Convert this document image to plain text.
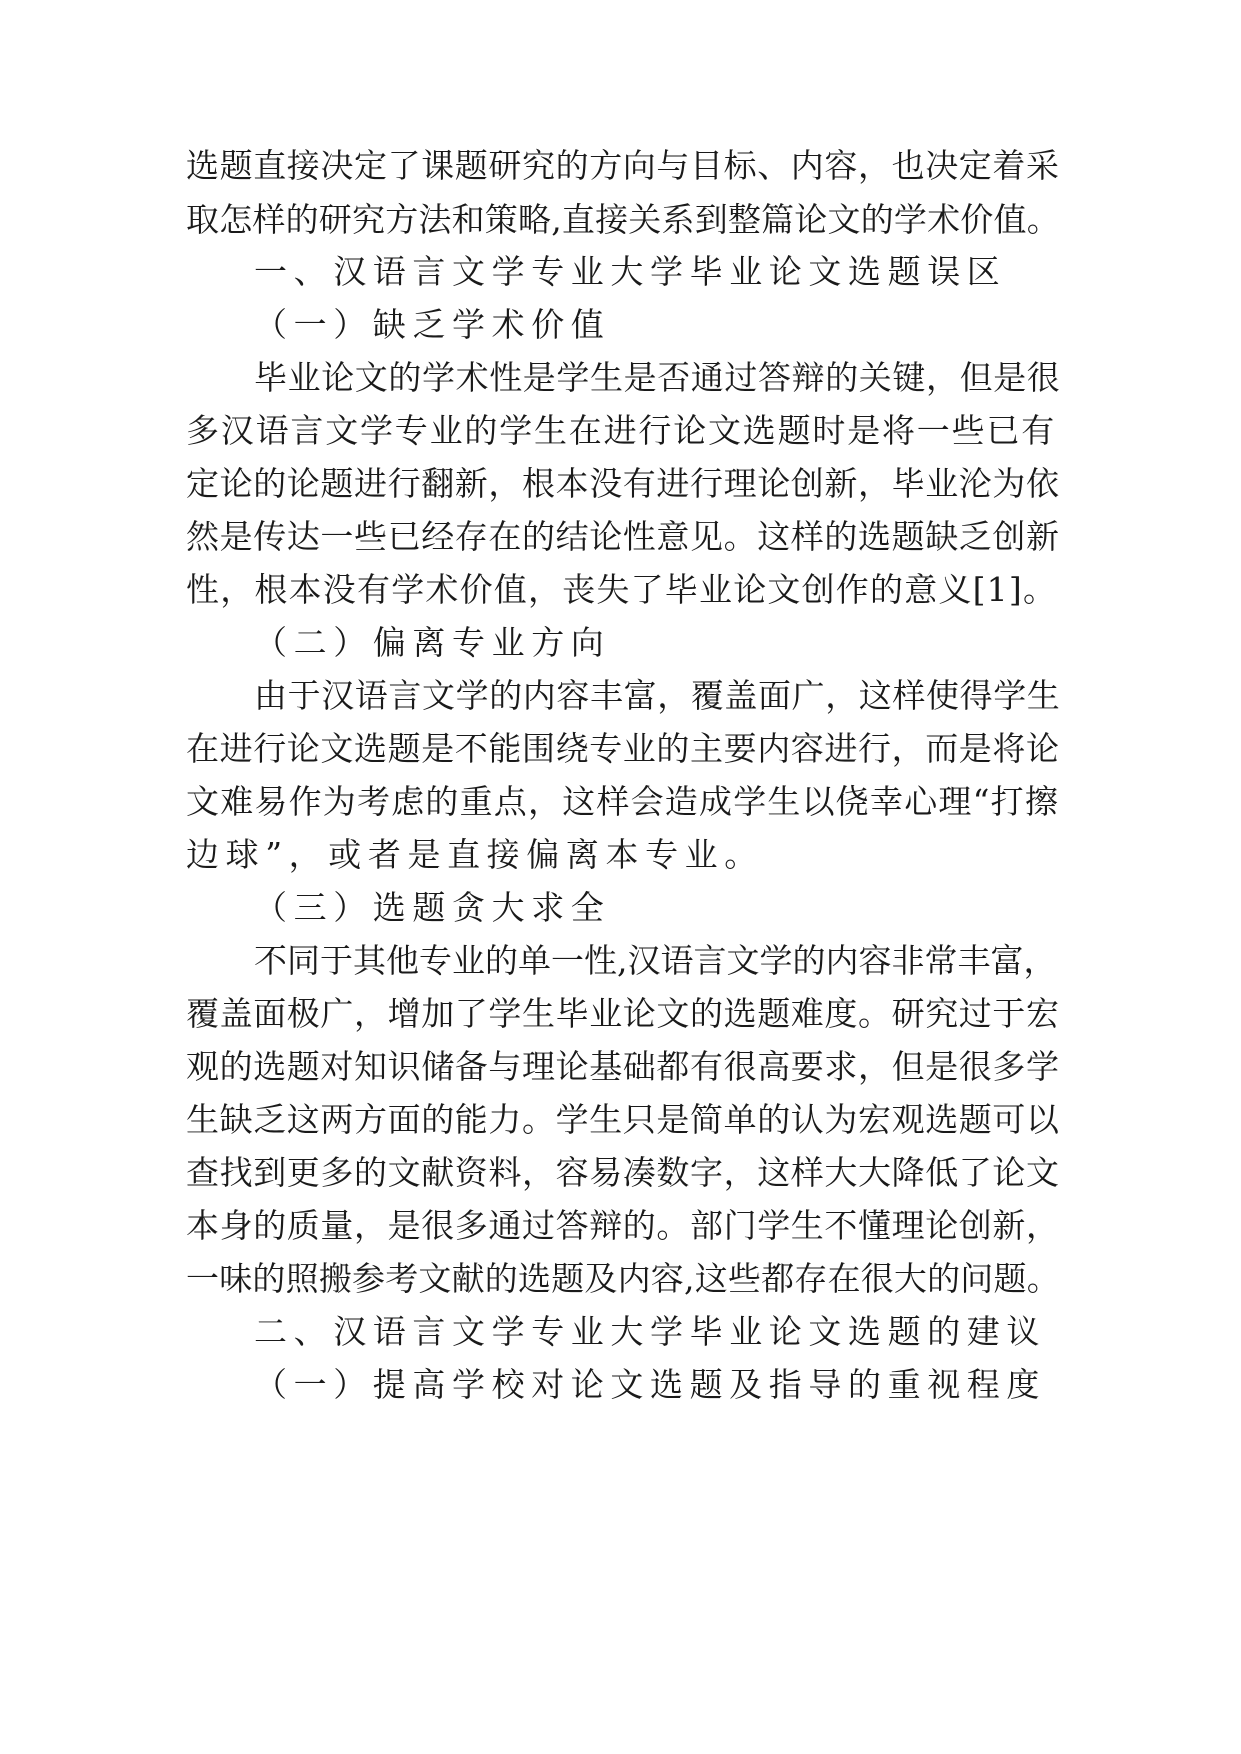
选题直接决定了课题研究的方向与目标、内容，也决定着采

取怎样的研究方法和策略,直接关系到整篇论文的学术价值。

一、汉语言文学专业大学毕业论文选题误区

（一）缺乏学术价值

毕业论文的学术性是学生是否通过答辩的关键，但是很

多汉语言文学专业的学生在进行论文选题时是将一些已有

定论的论题进行翻新，根本没有进行理论创新，毕业沦为依

然是传达一些已经存在的结论性意见。这样的选题缺乏创新

性，根本没有学术价值，丧失了毕业论文创作的意义[1]。

（二）偏离专业方向

由于汉语言文学的内容丰富，覆盖面广，这样使得学生

在进行论文选题是不能围绕专业的主要内容进行，而是将论

文难易作为考虑的重点，这样会造成学生以侥幸心理“打擦

边球”，或者是直接偏离本专业。

（三）选题贪大求全

不同于其他专业的单一性,汉语言文学的内容非常丰富，

覆盖面极广，增加了学生毕业论文的选题难度。研究过于宏

观的选题对知识储备与理论基础都有很高要求，但是很多学

生缺乏这两方面的能力。学生只是简单的认为宏观选题可以

查找到更多的文献资料，容易凑数字，这样大大降低了论文

本身的质量，是很多通过答辩的。部门学生不懂理论创新，

一味的照搬参考文献的选题及内容,这些都存在很大的问题。

二、汉语言文学专业大学毕业论文选题的建议

（一）提高学校对论文选题及指导的重视程度
